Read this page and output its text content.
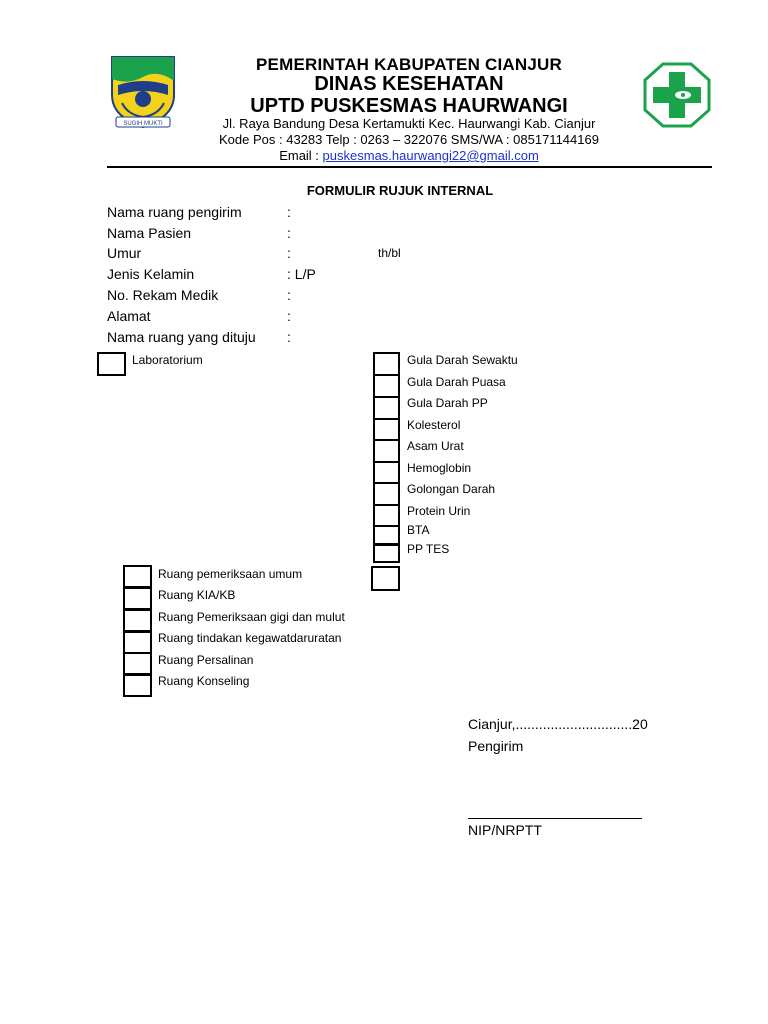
SUGIH MUKTI
PEMERINTAH KABUPATEN CIANJUR
DINAS KESEHATAN
UPTD PUSKESMAS HAURWANGI
Jl. Raya Bandung Desa Kertamukti Kec. Haurwangi Kab. Cianjur
Kode Pos : 43283 Telp : 0263 – 322076 SMS/WA : 085171144169
Email : puskesmas.haurwangi22@gmail.com
FORMULIR RUJUK INTERNAL
Nama ruang pengirim	:
Nama Pasien	:
Umur	:	th/bl
Jenis Kelamin	: L/P
No. Rekam Medik	:
Alamat	:
Nama ruang yang dituju :
Laboratorium	Gula Darah Sewaktu
Gula Darah Puasa
Gula Darah PP
Kolesterol
Asam Urat
Hemoglobin
Golongan Darah
Protein Urin
BTA
PP TES
Ruang pemeriksaan umum
Ruang KIA/KB
Ruang Pemeriksaan gigi dan mulut
Ruang tindakan kegawatdaruratan
Ruang Persalinan
Ruang Konseling
Cianjur,..............................20
Pengirim
NIP/NRPTT
